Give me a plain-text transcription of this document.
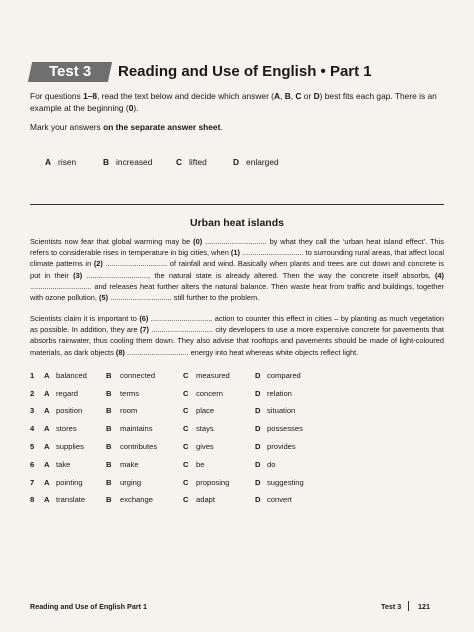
Test 3	Reading and Use of English • Part 1
For questions 1–8, read the text below and decide which answer (A, B, C or D) best fits each gap. There is an example at the beginning (0).
Mark your answers on the separate answer sheet.
A risen	B increased	C lifted	D enlarged
Urban heat islands
Scientists now fear that global warming may be (0) .............................. by what they call the ‘urban heat island effect’. This refers to considerable rises in temperature in big cities, when (1) .............................. to surrounding rural areas, that affect local climate patterns in (2) .............................. of rainfall and wind. Basically when plants and trees are cut down and concrete is put in their (3) .............................., the natural state is already altered. Then the way the concrete itself absorbs, (4) .............................. and releases heat further alters the natural balance. Then waste heat from traffic and buildings, together with ozone pollution, (5) .............................. still further to the problem.
Scientists claim it is important to (6) .............................. action to counter this effect in cities – by planting as much vegetation as possible. In addition, they are (7) .............................. city developers to use a more expensive concrete for pavements that absorbs rainwater, thus cooling them down. They also advise that rooftops and pavements should be made of light-coloured materials, as dark objects (8) .............................. energy into heat whereas white objects reflect light.
1 A balanced	B connected	C measured	D compared
2 A regard	B terms	C concern	D relation
3 A position	B room	C place	D situation
4 A stores	B maintains	C stays	D possesses
5 A supplies	B contributes	C gives	D provides
6 A take	B make	C be	D do
7 A pointing	B urging	C proposing	D suggesting
8 A translate	B exchange	C adapt	D convert
Reading and Use of English Part 1	Test 3 121
